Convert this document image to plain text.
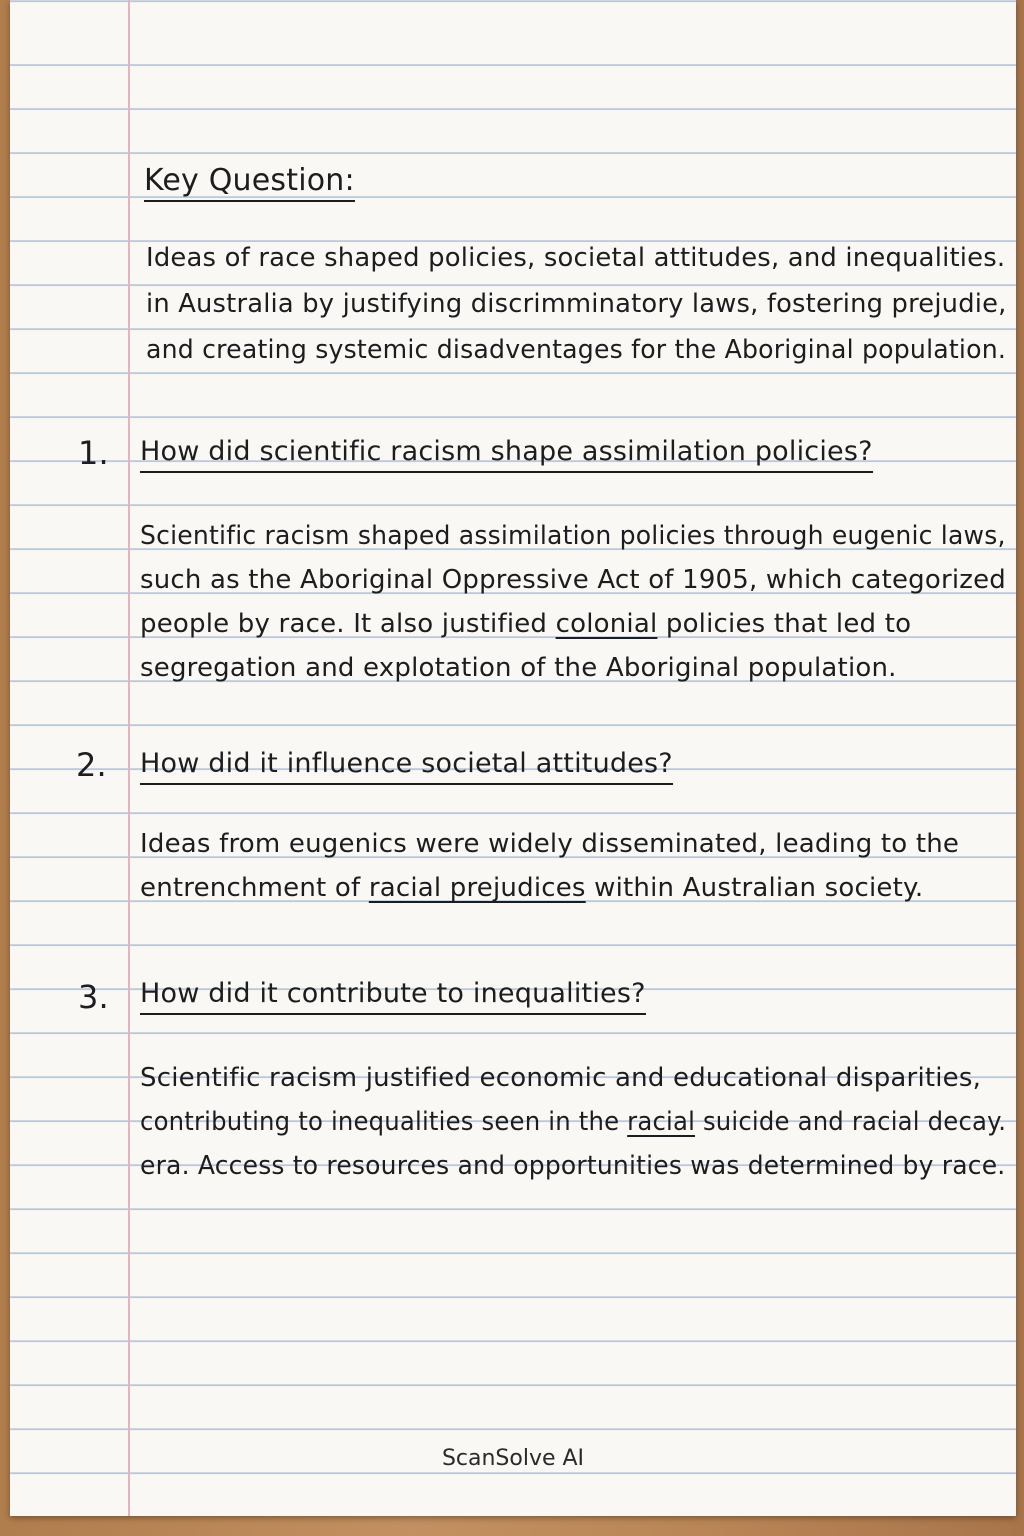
Key Question:
Ideas of race shaped policies, societal attitudes, and inequalities.
in Australia by justifying discrimminatory laws, fostering prejudie,
and creating systemic disadventages for the Aboriginal population.
1. How did scientific racism shape assimilation policies?
Scientific racism shaped assimilation policies through eugenic laws,
such as the Aboriginal Oppressive Act of 1905, which categorized
people by race. It also justified colonial policies that led to
segregation and explotation of the Aboriginal population.
2. How did it influence societal attitudes?
Ideas from eugenics were widely disseminated, leading to the
entrenchment of racial prejudices within Australian society.
3. How did it contribute to inequalities?
Scientific racism justified economic and educational disparities,
contributing to inequalities seen in the racial suicide and racial decay.
era. Access to resources and opportunities was determined by race.
ScanSolve AI
